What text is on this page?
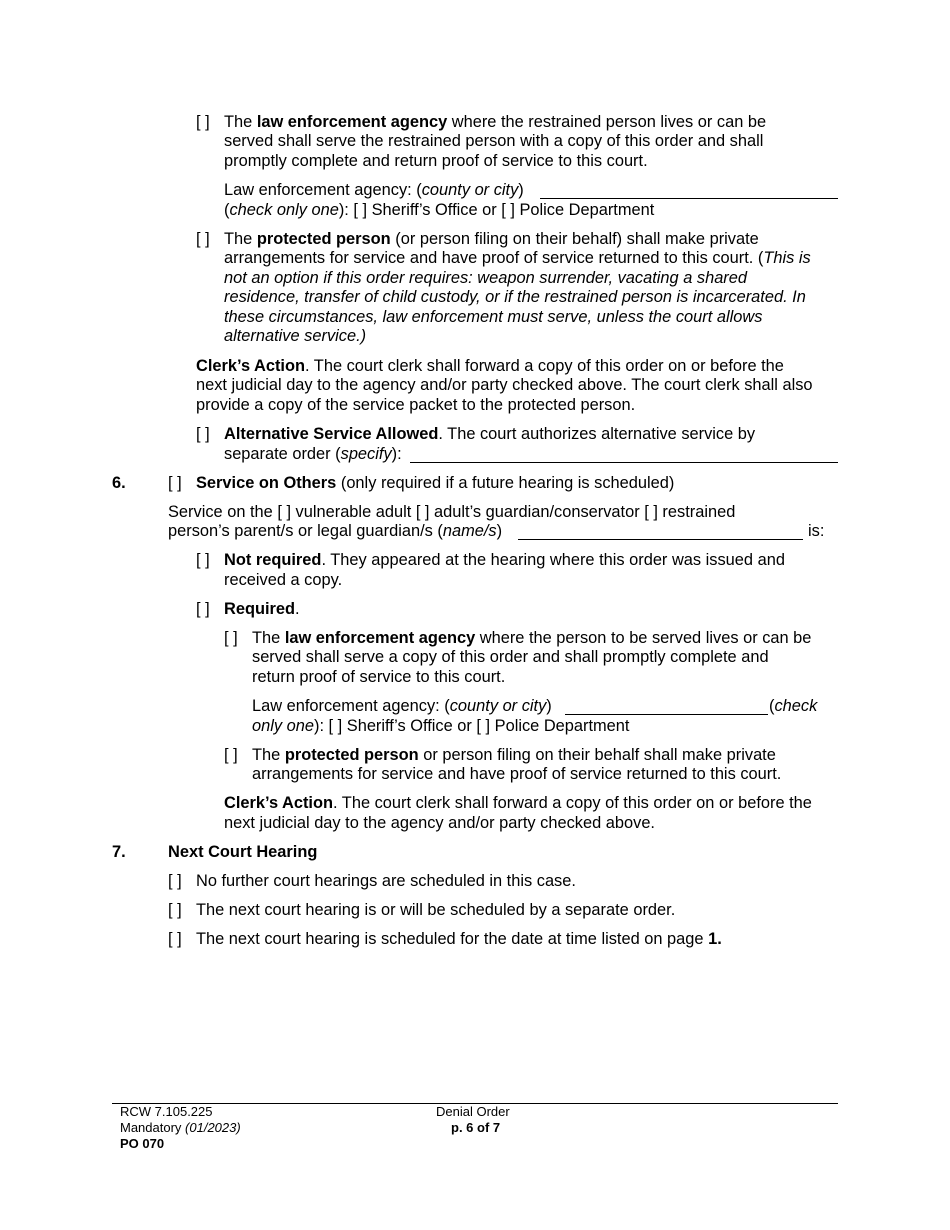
[ ] The law enforcement agency where the restrained person lives or can be
served shall serve the restrained person with a copy of this order and shall
promptly complete and return proof of service to this court.
Law enforcement agency: (county or city)
(check only one): [ ] Sheriff’s Office or [ ] Police Department
[ ] The protected person (or person filing on their behalf) shall make private
arrangements for service and have proof of service returned to this court. (This is
not an option if this order requires: weapon surrender, vacating a shared
residence, transfer of child custody, or if the restrained person is incarcerated. In
these circumstances, law enforcement must serve, unless the court allows
alternative service.)
Clerk’s Action. The court clerk shall forward a copy of this order on or before the
next judicial day to the agency and/or party checked above. The court clerk shall also
provide a copy of the service packet to the protected person.
[ ] Alternative Service Allowed. The court authorizes alternative service by
separate order (specify):
6.	[ ] Service on Others (only required if a future hearing is scheduled)
Service on the [ ] vulnerable adult [ ] adult’s guardian/conservator [ ] restrained
person’s parent/s or legal guardian/s (name/s)	is:
[ ] Not required. They appeared at the hearing where this order was issued and
received a copy.
[ ] Required.
[ ] The law enforcement agency where the person to be served lives or can be
served shall serve a copy of this order and shall promptly complete and
return proof of service to this court.
Law enforcement agency: (county or city)	(check
only one): [ ] Sheriff’s Office or [ ] Police Department
[ ] The protected person or person filing on their behalf shall make private
arrangements for service and have proof of service returned to this court.
Clerk’s Action. The court clerk shall forward a copy of this order on or before the
next judicial day to the agency and/or party checked above.
7.	Next Court Hearing
[ ] No further court hearings are scheduled in this case.
[ ] The next court hearing is or will be scheduled by a separate order.
[ ] The next court hearing is scheduled for the date at time listed on page 1.
RCW 7.105.225
Mandatory (01/2023)
PO 070
Denial Order
p. 6 of 7
